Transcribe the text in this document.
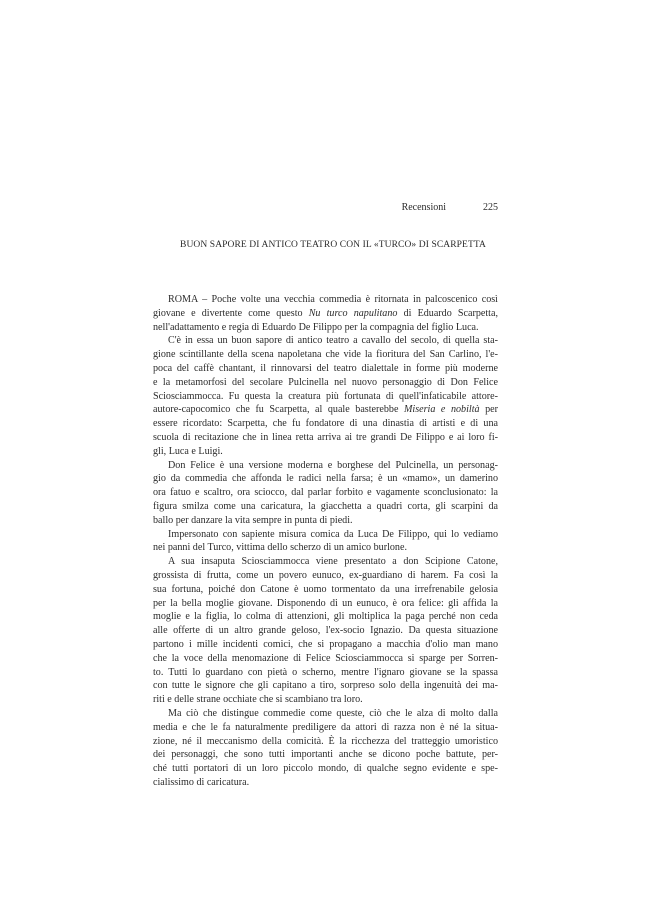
Recensioni	225
BUON SAPORE DI ANTICO TEATRO CON IL «TURCO» DI SCARPETTA
ROMA – Poche volte una vecchia commedia è ritornata in palcoscenico così
giovane e divertente come questo Nu turco napulitano di Eduardo Scarpetta,
nell'adattamento e regia di Eduardo De Filippo per la compagnia del figlio Luca.
C'è in essa un buon sapore di antico teatro a cavallo del secolo, di quella sta-
gione scintillante della scena napoletana che vide la fioritura del San Carlino, l'e-
poca del caffè chantant, il rinnovarsi del teatro dialettale in forme più moderne
e la metamorfosi del secolare Pulcinella nel nuovo personaggio di Don Felice
Sciosciammocca. Fu questa la creatura più fortunata di quell'infaticabile attore-
autore-capocomico che fu Scarpetta, al quale basterebbe Miseria e nobiltà per
essere ricordato: Scarpetta, che fu fondatore di una dinastia di artisti e di una
scuola di recitazione che in linea retta arriva ai tre grandi De Filippo e ai loro fi-
gli, Luca e Luigi.
Don Felice è una versione moderna e borghese del Pulcinella, un personag-
gio da commedia che affonda le radici nella farsa; è un «mamo», un damerino
ora fatuo e scaltro, ora sciocco, dal parlar forbito e vagamente sconclusionato: la
figura smilza come una caricatura, la giacchetta a quadri corta, gli scarpini da
ballo per danzare la vita sempre in punta di piedi.
Impersonato con sapiente misura comica da Luca De Filippo, qui lo vediamo
nei panni del Turco, vittima dello scherzo di un amico burlone.
A sua insaputa Sciosciammocca viene presentato a don Scipione Catone,
grossista di frutta, come un povero eunuco, ex-guardiano di harem. Fa così la
sua fortuna, poiché don Catone è uomo tormentato da una irrefrenabile gelosia
per la bella moglie giovane. Disponendo di un eunuco, è ora felice: gli affida la
moglie e la figlia, lo colma di attenzioni, gli moltiplica la paga perché non ceda
alle offerte di un altro grande geloso, l'ex-socio Ignazio. Da questa situazione
partono i mille incidenti comici, che si propagano a macchia d'olio man mano
che la voce della menomazione di Felice Sciosciammocca si sparge per Sorren-
to. Tutti lo guardano con pietà o scherno, mentre l'ignaro giovane se la spassa
con tutte le signore che gli capitano a tiro, sorpreso solo della ingenuità dei ma-
riti e delle strane occhiate che si scambiano tra loro.
Ma ciò che distingue commedie come queste, ciò che le alza di molto dalla
media e che le fa naturalmente prediligere da attori di razza non è né la situa-
zione, né il meccanismo della comicità. È la ricchezza del tratteggio umoristico
dei personaggi, che sono tutti importanti anche se dicono poche battute, per-
ché tutti portatori di un loro piccolo mondo, di qualche segno evidente e spe-
cialissimo di caricatura.
